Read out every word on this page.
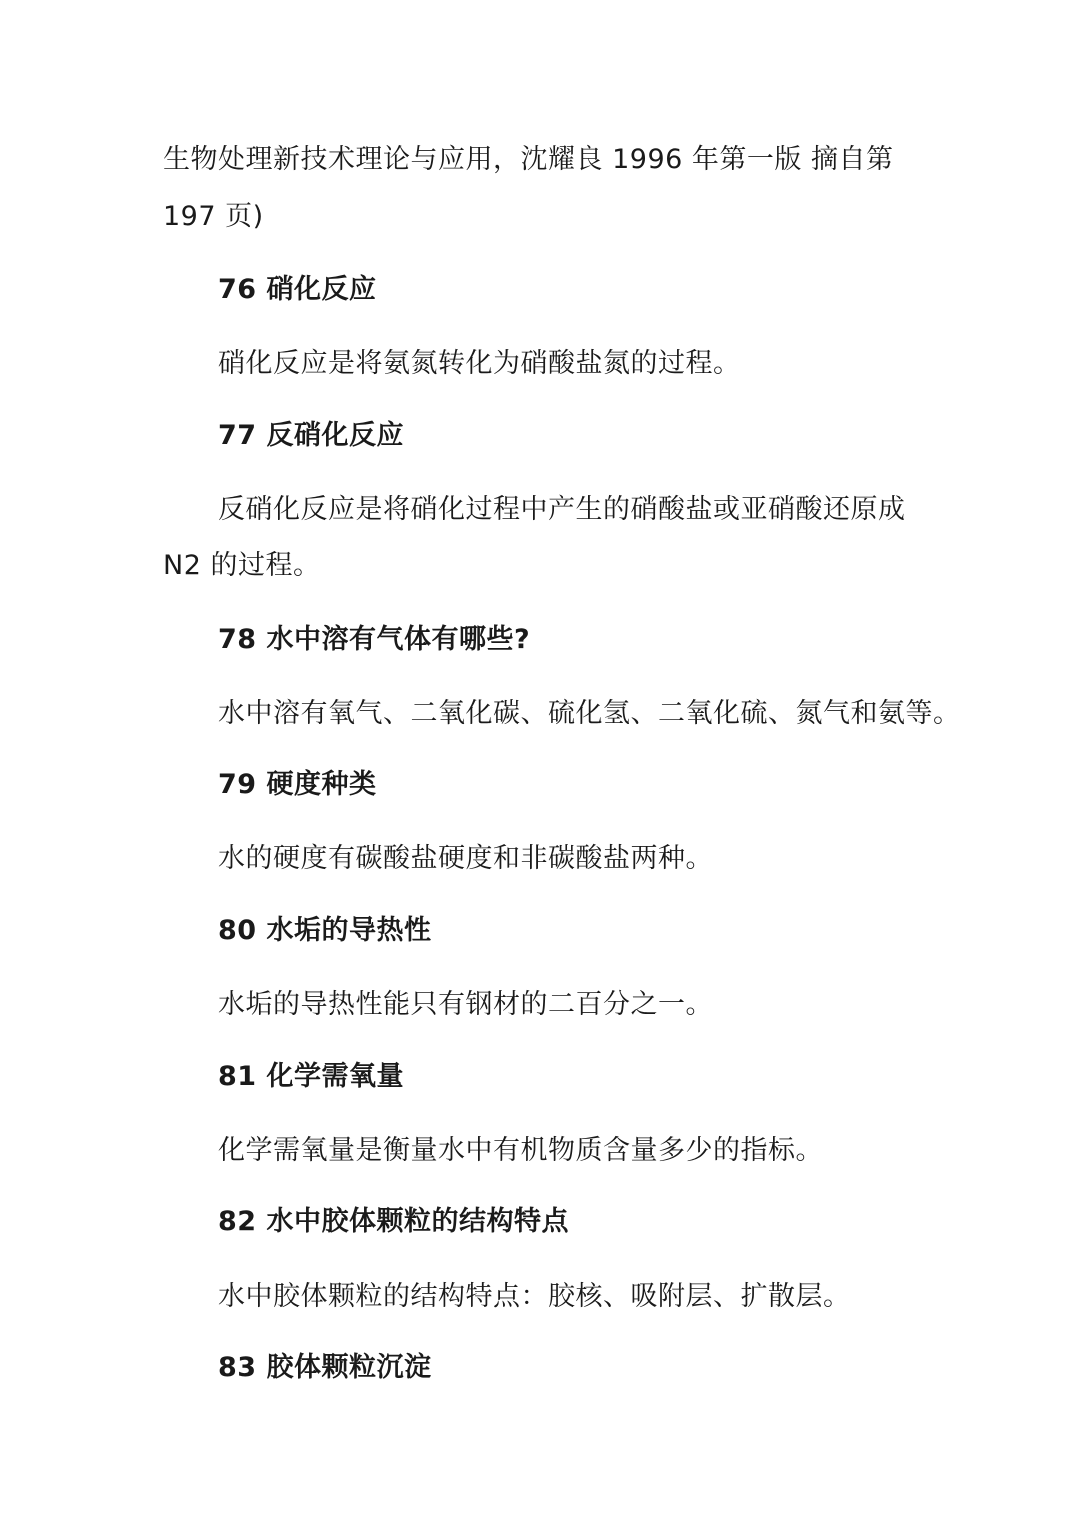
生物处理新技术理论与应用，沈耀良 1996 年第一版 摘自第
197 页)
76 硝化反应
硝化反应是将氨氮转化为硝酸盐氮的过程。
77 反硝化反应
反硝化反应是将硝化过程中产生的硝酸盐或亚硝酸还原成
N2 的过程。
78 水中溶有气体有哪些?
水中溶有氧气、二氧化碳、硫化氢、二氧化硫、氮气和氨等。
79 硬度种类
水的硬度有碳酸盐硬度和非碳酸盐两种。
80 水垢的导热性
水垢的导热性能只有钢材的二百分之一。
81 化学需氧量
化学需氧量是衡量水中有机物质含量多少的指标。
82 水中胶体颗粒的结构特点
水中胶体颗粒的结构特点：胶核、吸附层、扩散层。
83 胶体颗粒沉淀
